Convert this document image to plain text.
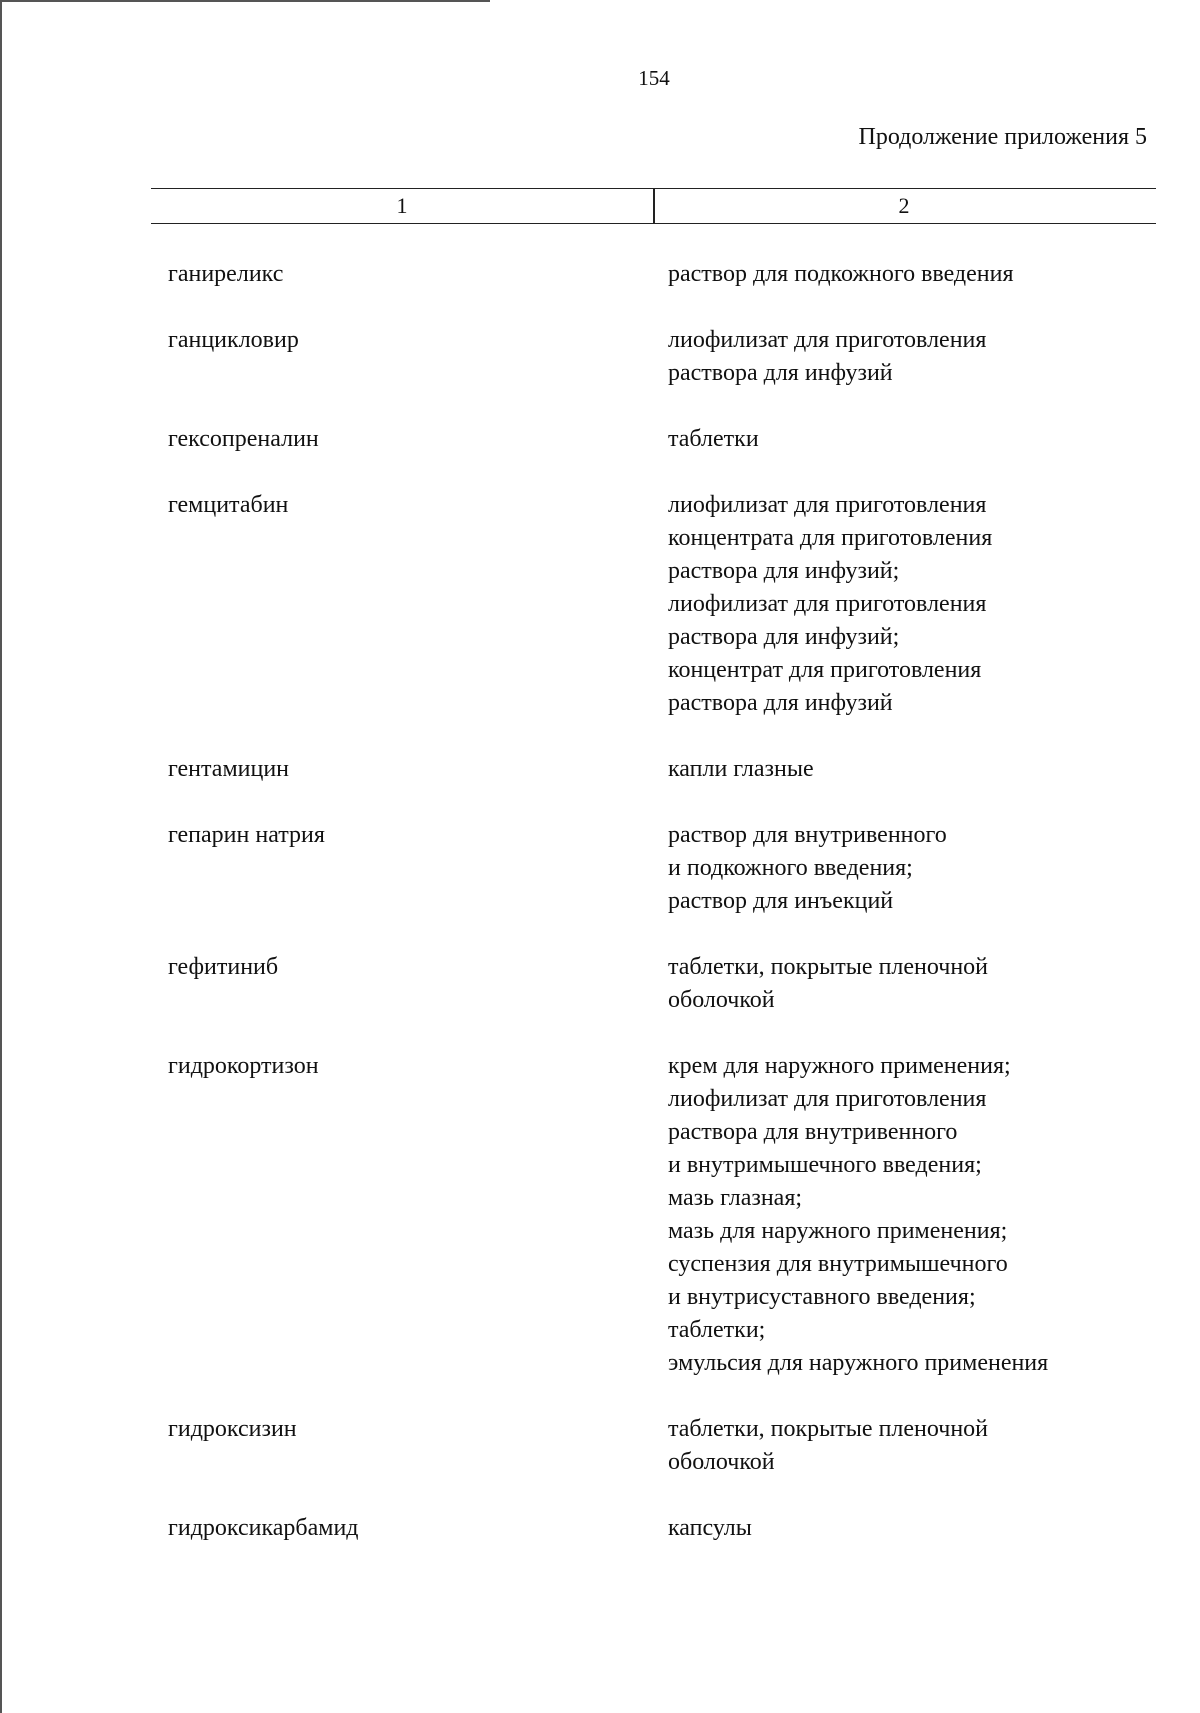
154
Продолжение приложения 5
1	2
ганирeликс	раствор для подкожного введения
ганцикловир	лиофилизат для приготовления
раствора для инфузий
гексопреналин	таблетки
гемцитабин	лиофилизат для приготовления
концентрата для приготовления
раствора для инфузий;
лиофилизат для приготовления
раствора для инфузий;
концентрат для приготовления
раствора для инфузий
гентамицин	капли глазные
гепарин натрия	раствор для внутривенного
и подкожного введения;
раствор для инъекций
гефитиниб	таблетки, покрытые пленочной
оболочкой
гидрокортизон	крем для наружного применения;
лиофилизат для приготовления
раствора для внутривенного
и внутримышечного введения;
мазь глазная;
мазь для наружного применения;
суспензия для внутримышечного
и внутрисуставного введения;
таблетки;
эмульсия для наружного применения
гидроксизин	таблетки, покрытые пленочной
оболочкой
гидроксикарбамид	капсулы
